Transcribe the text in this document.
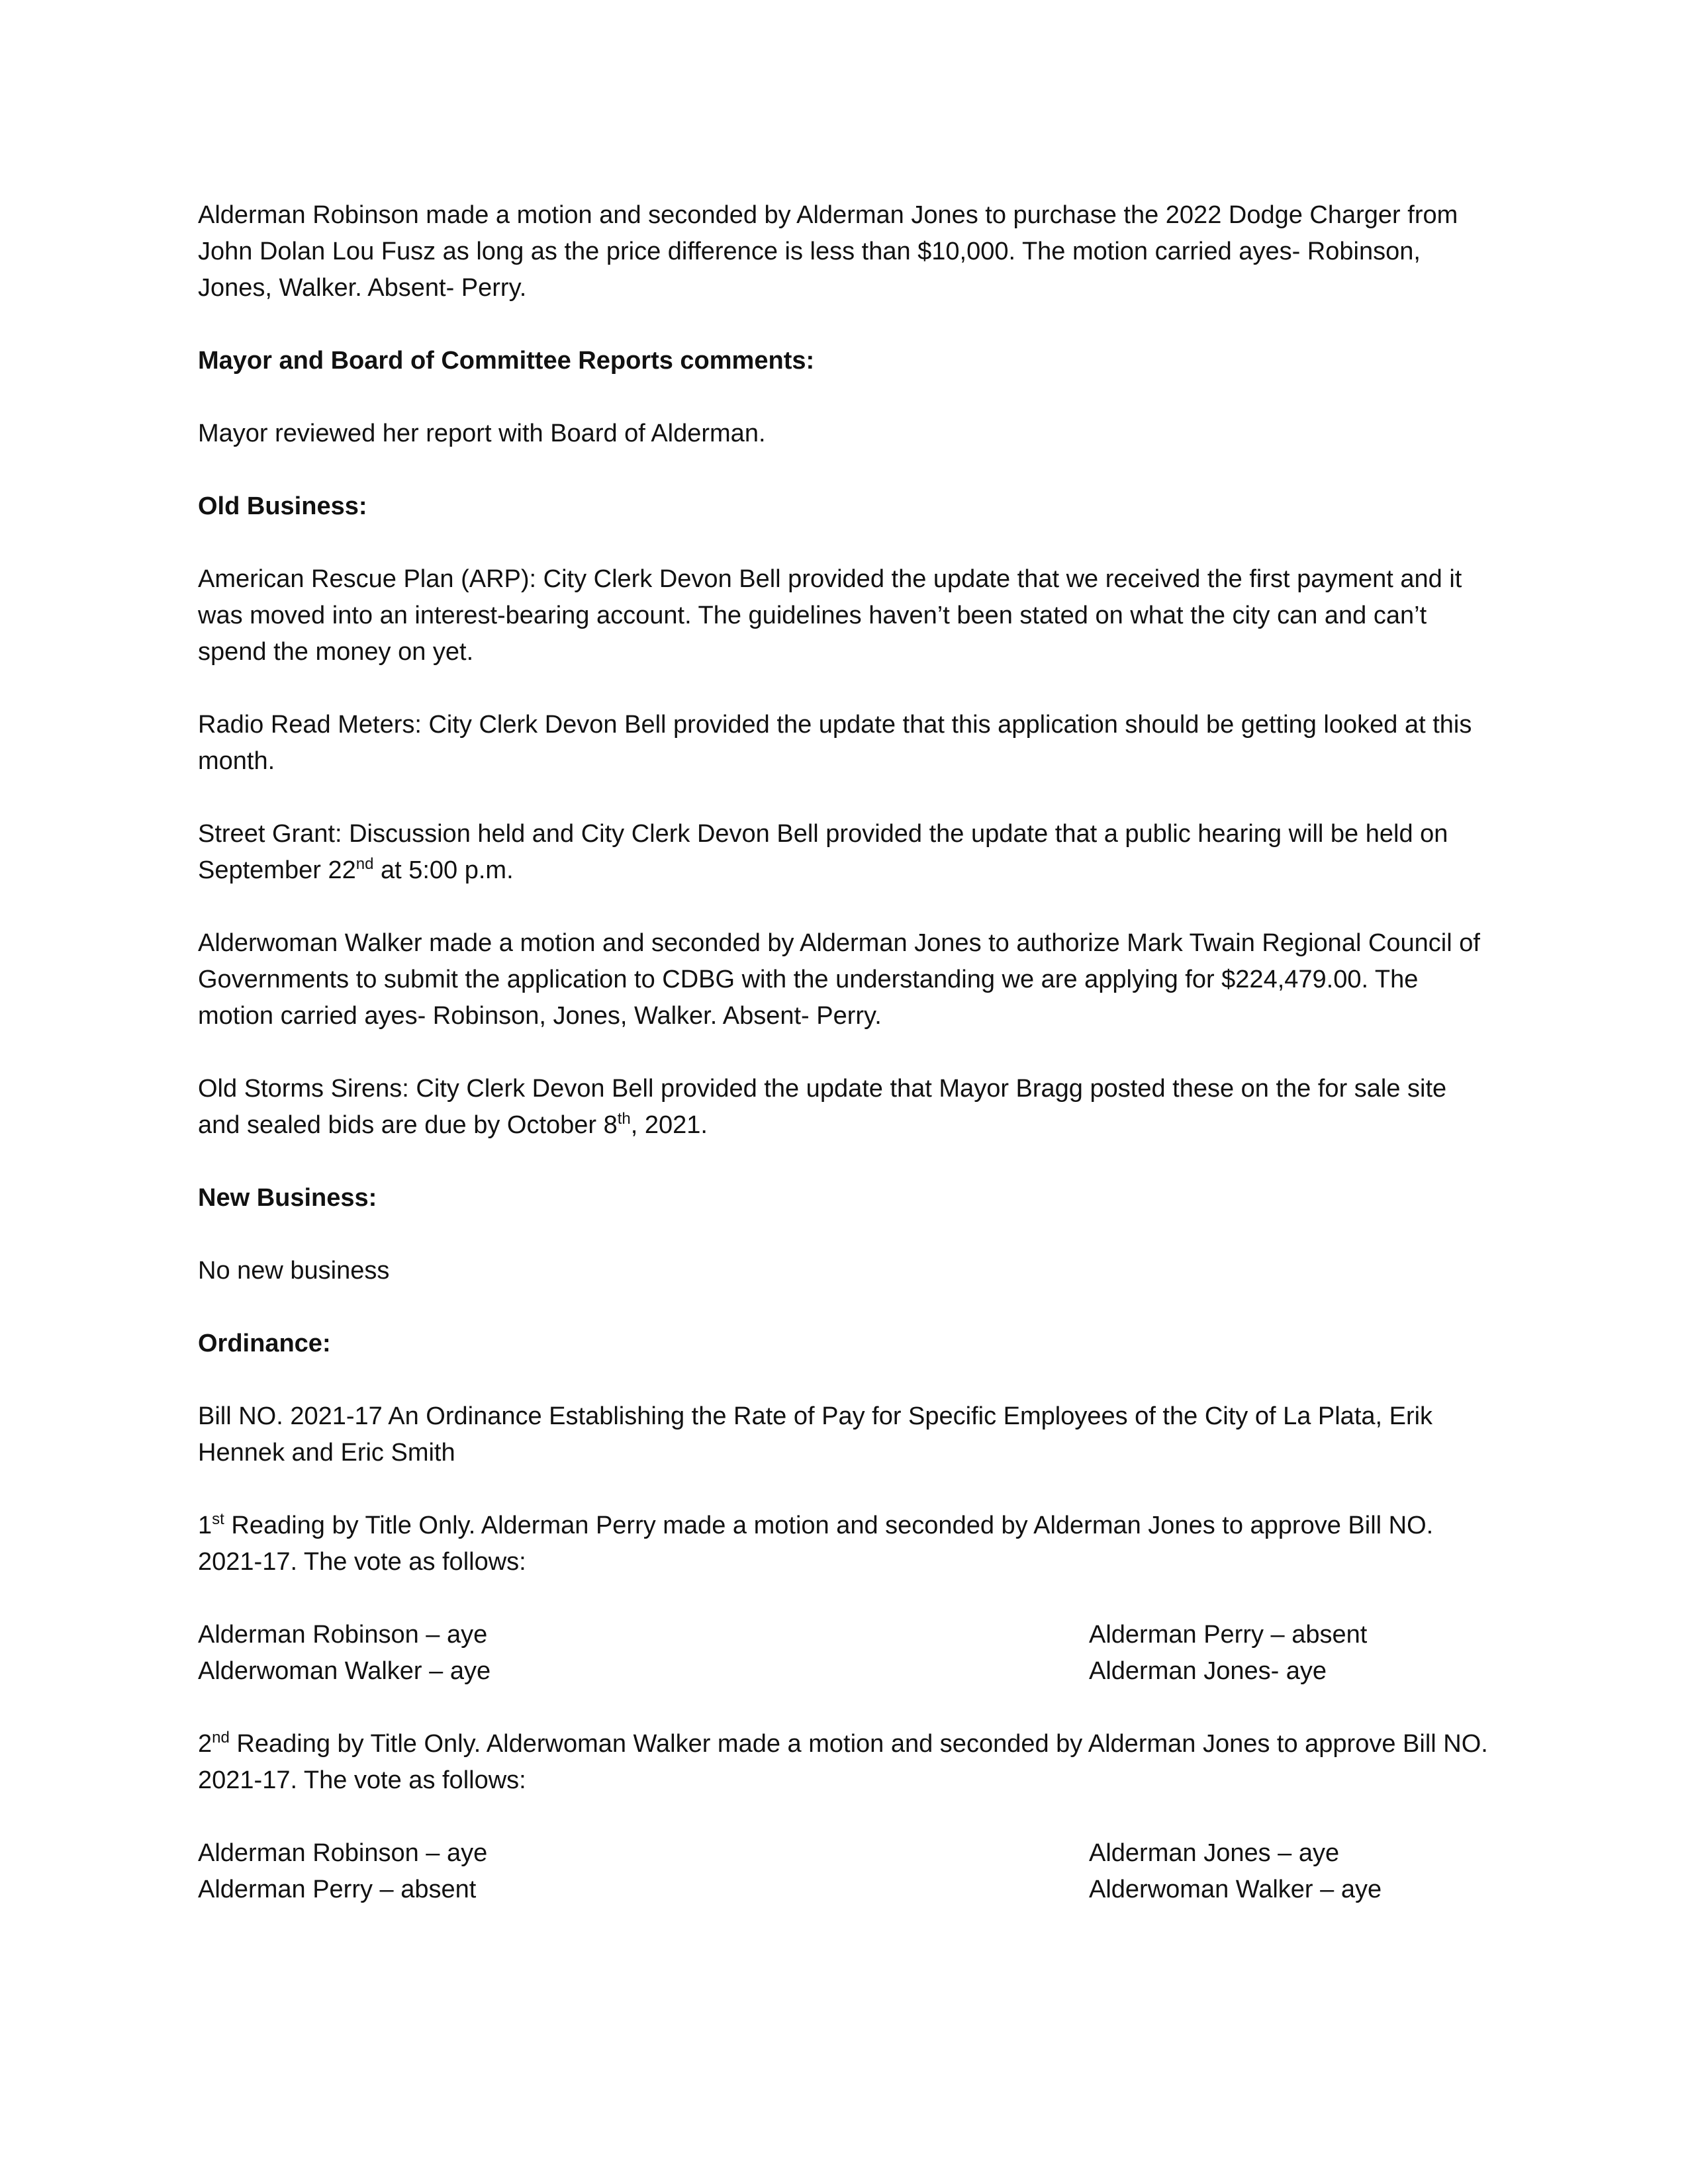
Alderman Robinson made a motion and seconded by Alderman Jones to purchase the 2022 Dodge Charger from John Dolan Lou Fusz as long as the price difference is less than $10,000. The motion carried ayes- Robinson, Jones, Walker. Absent- Perry.

Mayor and Board of Committee Reports comments:

Mayor reviewed her report with Board of Alderman.

Old Business:

American Rescue Plan (ARP): City Clerk Devon Bell provided the update that we received the first payment and it was moved into an interest-bearing account. The guidelines haven’t been stated on what the city can and can’t spend the money on yet.

Radio Read Meters: City Clerk Devon Bell provided the update that this application should be getting looked at this month.

Street Grant: Discussion held and City Clerk Devon Bell provided the update that a public hearing will be held on September 22nd at 5:00 p.m.

Alderwoman Walker made a motion and seconded by Alderman Jones to authorize Mark Twain Regional Council of Governments to submit the application to CDBG with the understanding we are applying for $224,479.00. The motion carried ayes- Robinson, Jones, Walker. Absent- Perry.

Old Storms Sirens: City Clerk Devon Bell provided the update that Mayor Bragg posted these on the for sale site and sealed bids are due by October 8th, 2021.

New Business:

No new business

Ordinance:

Bill NO. 2021-17 An Ordinance Establishing the Rate of Pay for Specific Employees of the City of La Plata, Erik Hennek and Eric Smith

1st Reading by Title Only. Alderman Perry made a motion and seconded by Alderman Jones to approve Bill NO. 2021-17. The vote as follows:

Alderman Robinson – aye
Alderwoman Walker – aye
Alderman Perry – absent
Alderman Jones- aye

2nd Reading by Title Only. Alderwoman Walker made a motion and seconded by Alderman Jones to approve Bill NO. 2021-17. The vote as follows:

Alderman Robinson – aye
Alderman Perry – absent
Alderman Jones – aye
Alderwoman Walker – aye
